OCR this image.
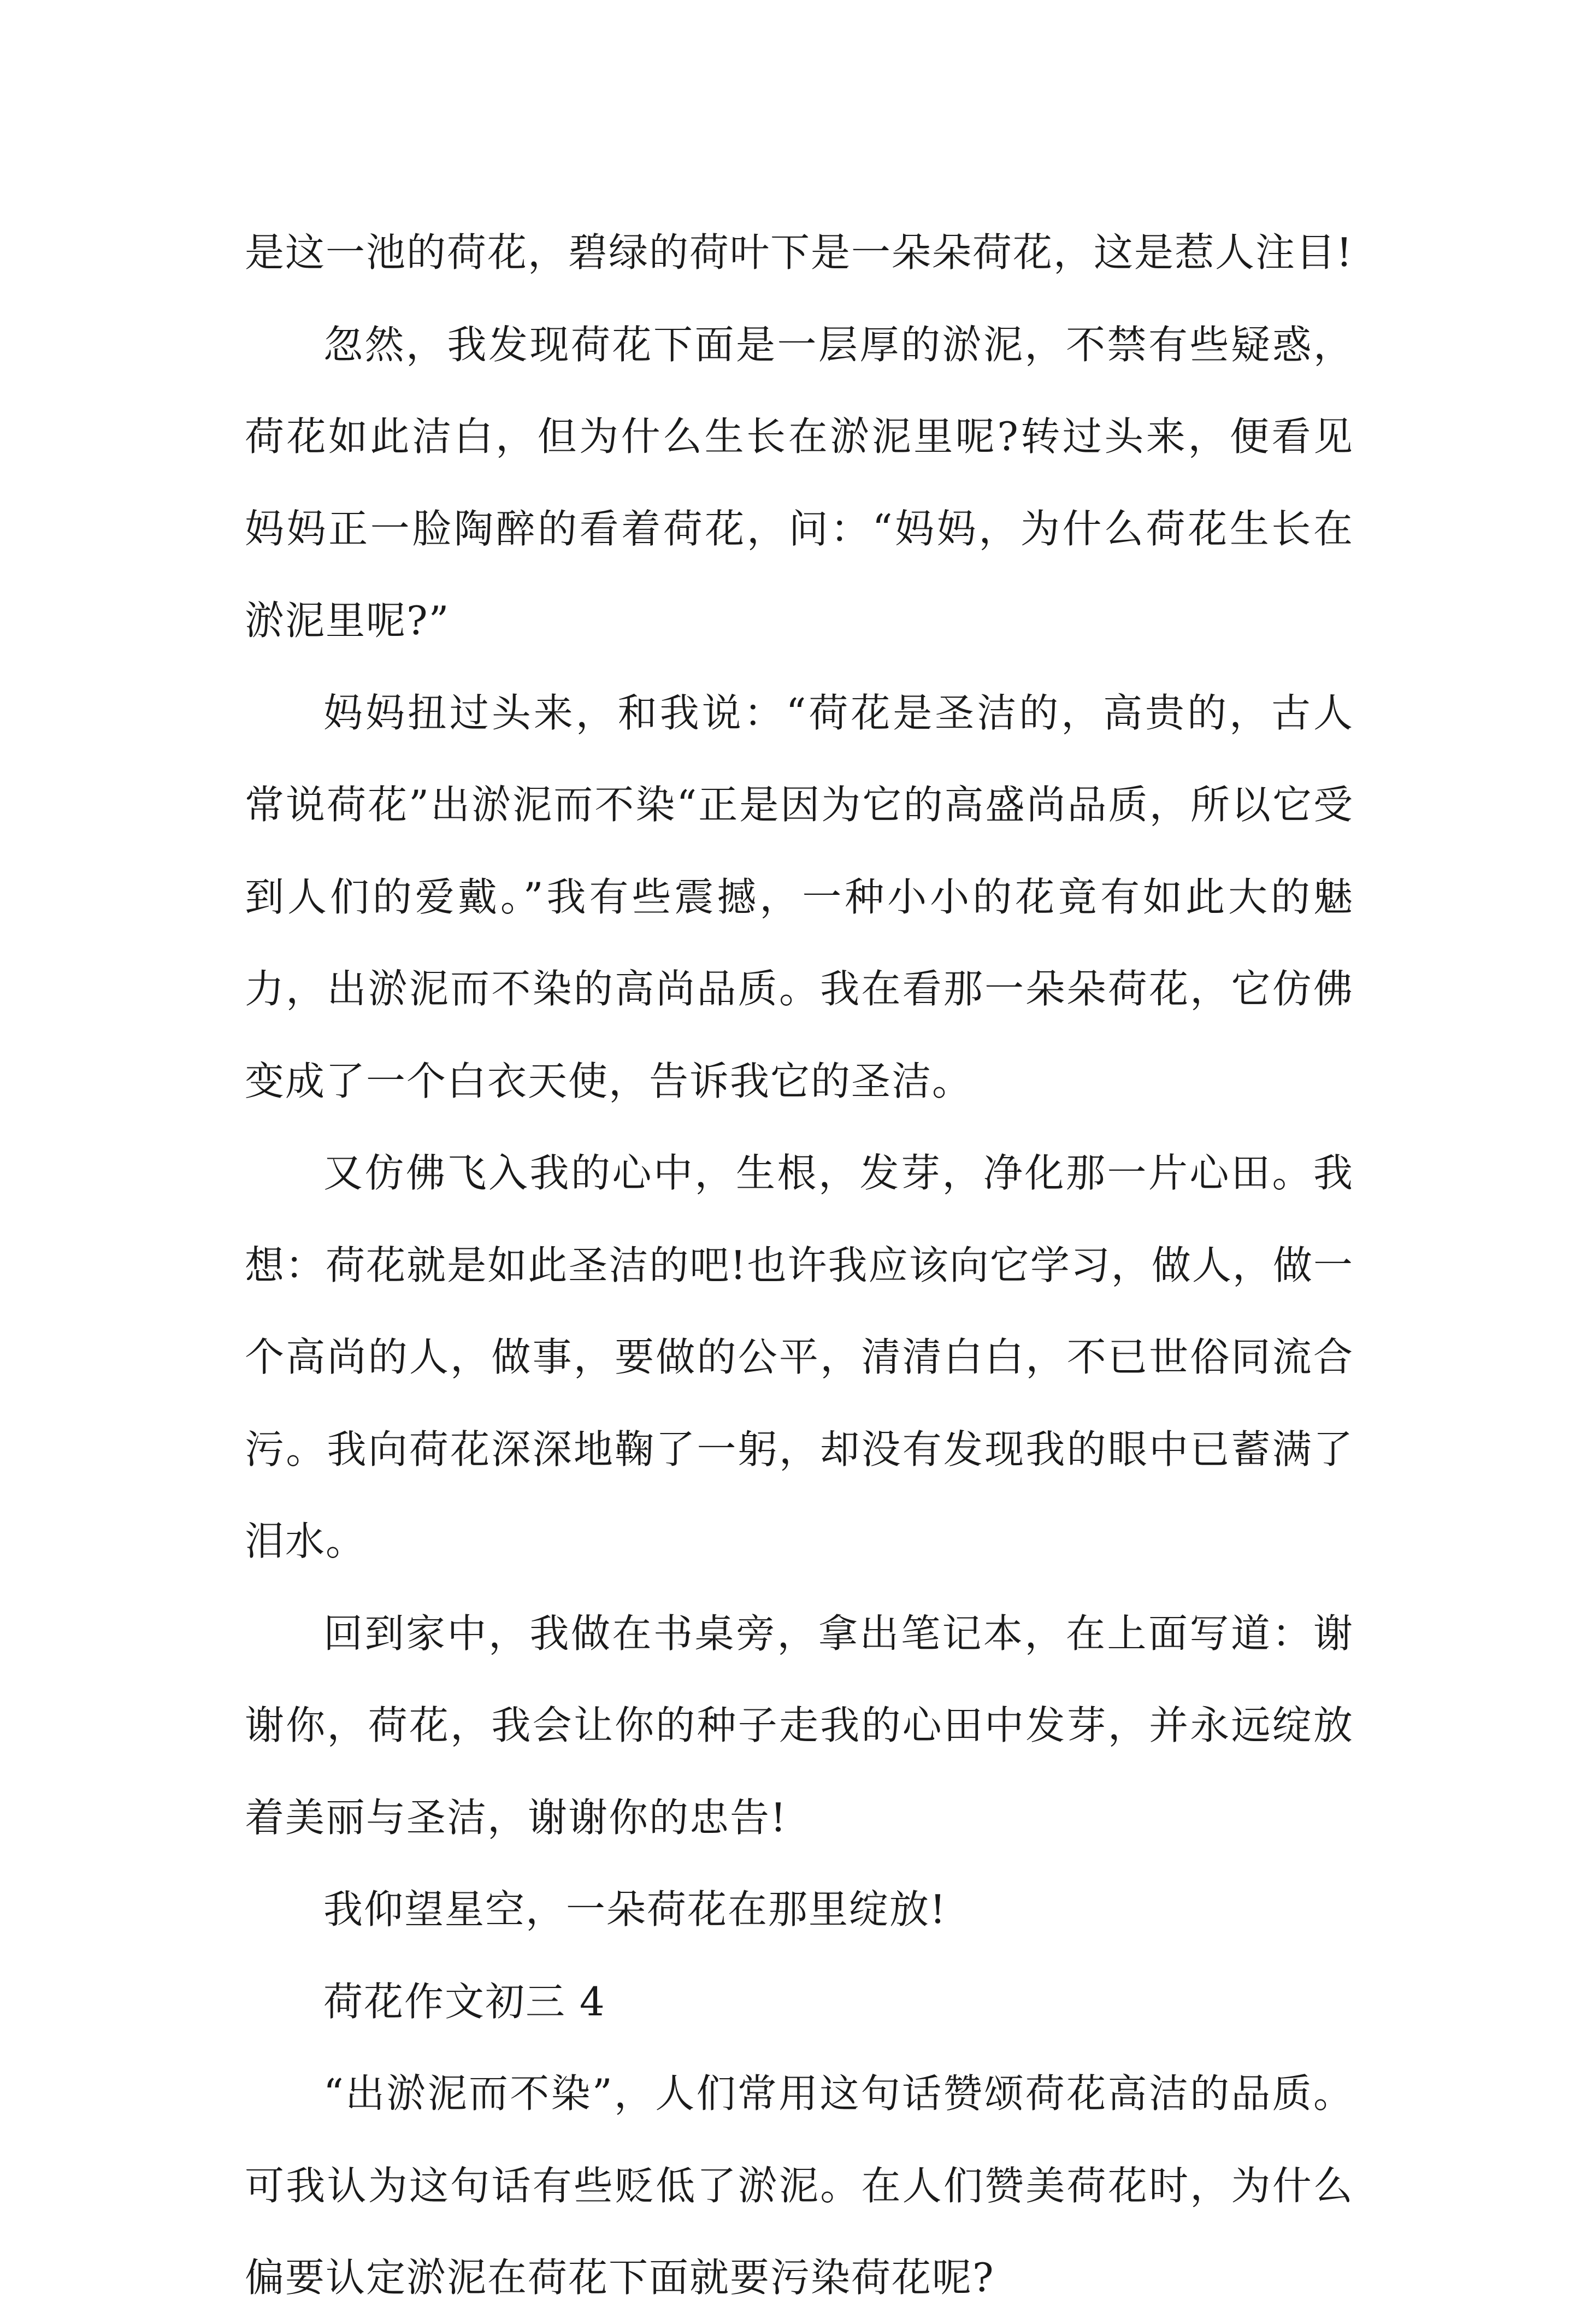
是这一池的荷花，碧绿的荷叶下是一朵朵荷花，这是惹人注目!

忽然，我发现荷花下面是一层厚的淤泥，不禁有些疑惑，荷花如此洁白，但为什么生长在淤泥里呢?转过头来，便看见妈妈正一脸陶醉的看着荷花，问：“妈妈，为什么荷花生长在淤泥里呢?”

妈妈扭过头来，和我说：“荷花是圣洁的，高贵的，古人常说荷花”出淤泥而不染“正是因为它的高盛尚品质，所以它受到人们的爱戴。”我有些震撼，一种小小的花竟有如此大的魅力，出淤泥而不染的高尚品质。我在看那一朵朵荷花，它仿佛变成了一个白衣天使，告诉我它的圣洁。

又仿佛飞入我的心中，生根，发芽，净化那一片心田。我想：荷花就是如此圣洁的吧!也许我应该向它学习，做人，做一个高尚的人，做事，要做的公平，清清白白，不已世俗同流合污。我向荷花深深地鞠了一躬，却没有发现我的眼中已蓄满了泪水。

回到家中，我做在书桌旁，拿出笔记本，在上面写道：谢谢你，荷花，我会让你的种子走我的心田中发芽，并永远绽放着美丽与圣洁，谢谢你的忠告!

我仰望星空，一朵荷花在那里绽放!

荷花作文初三 4

“出淤泥而不染”，人们常用这句话赞颂荷花高洁的品质。可我认为这句话有些贬低了淤泥。在人们赞美荷花时，为什么偏要认定淤泥在荷花下面就要污染荷花呢?
